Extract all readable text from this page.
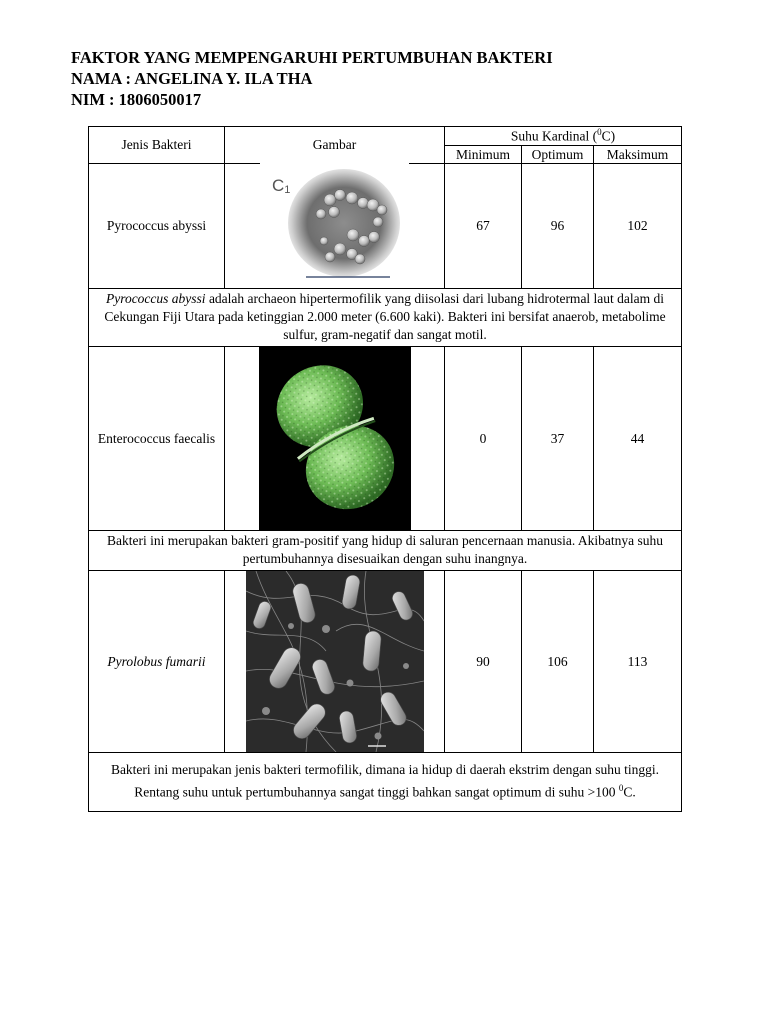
FAKTOR YANG MEMPENGARUHI PERTUMBUHAN BAKTERI
NAMA : ANGELINA Y. ILA THA
NIM : 1806050017
Jenis Bakteri	Gambar	Suhu Kardinal ($^0$C)		
		Minimum	Optimum	Maksimum
Pyrococcus abyssi	C1	67	96	102
Pyrococcus abyssi adalah archaeon hipertermofilik yang diisolasi dari lubang hidrotermal laut dalam di Cekungan Fiji Utara pada ketinggian 2.000 meter (6.600 kaki). Bakteri ini bersifat anaerob, metabolime sulfur, gram-negatif dan sangat motil.				
Enterococcus faecalis		0	37	44
Bakteri ini merupakan bakteri gram-positif yang hidup di saluran pencernaan manusia. Akibatnya suhu pertumbuhannya disesuaikan dengan suhu inangnya.				
Pyrolobus fumarii		90	106	113
Bakteri ini merupakan jenis bakteri termofilik, dimana ia hidup di daerah ekstrim dengan suhu tinggi. Rentang suhu untuk pertumbuhannya sangat tinggi bahkan sangat optimum di suhu >100 $^0$C.				
